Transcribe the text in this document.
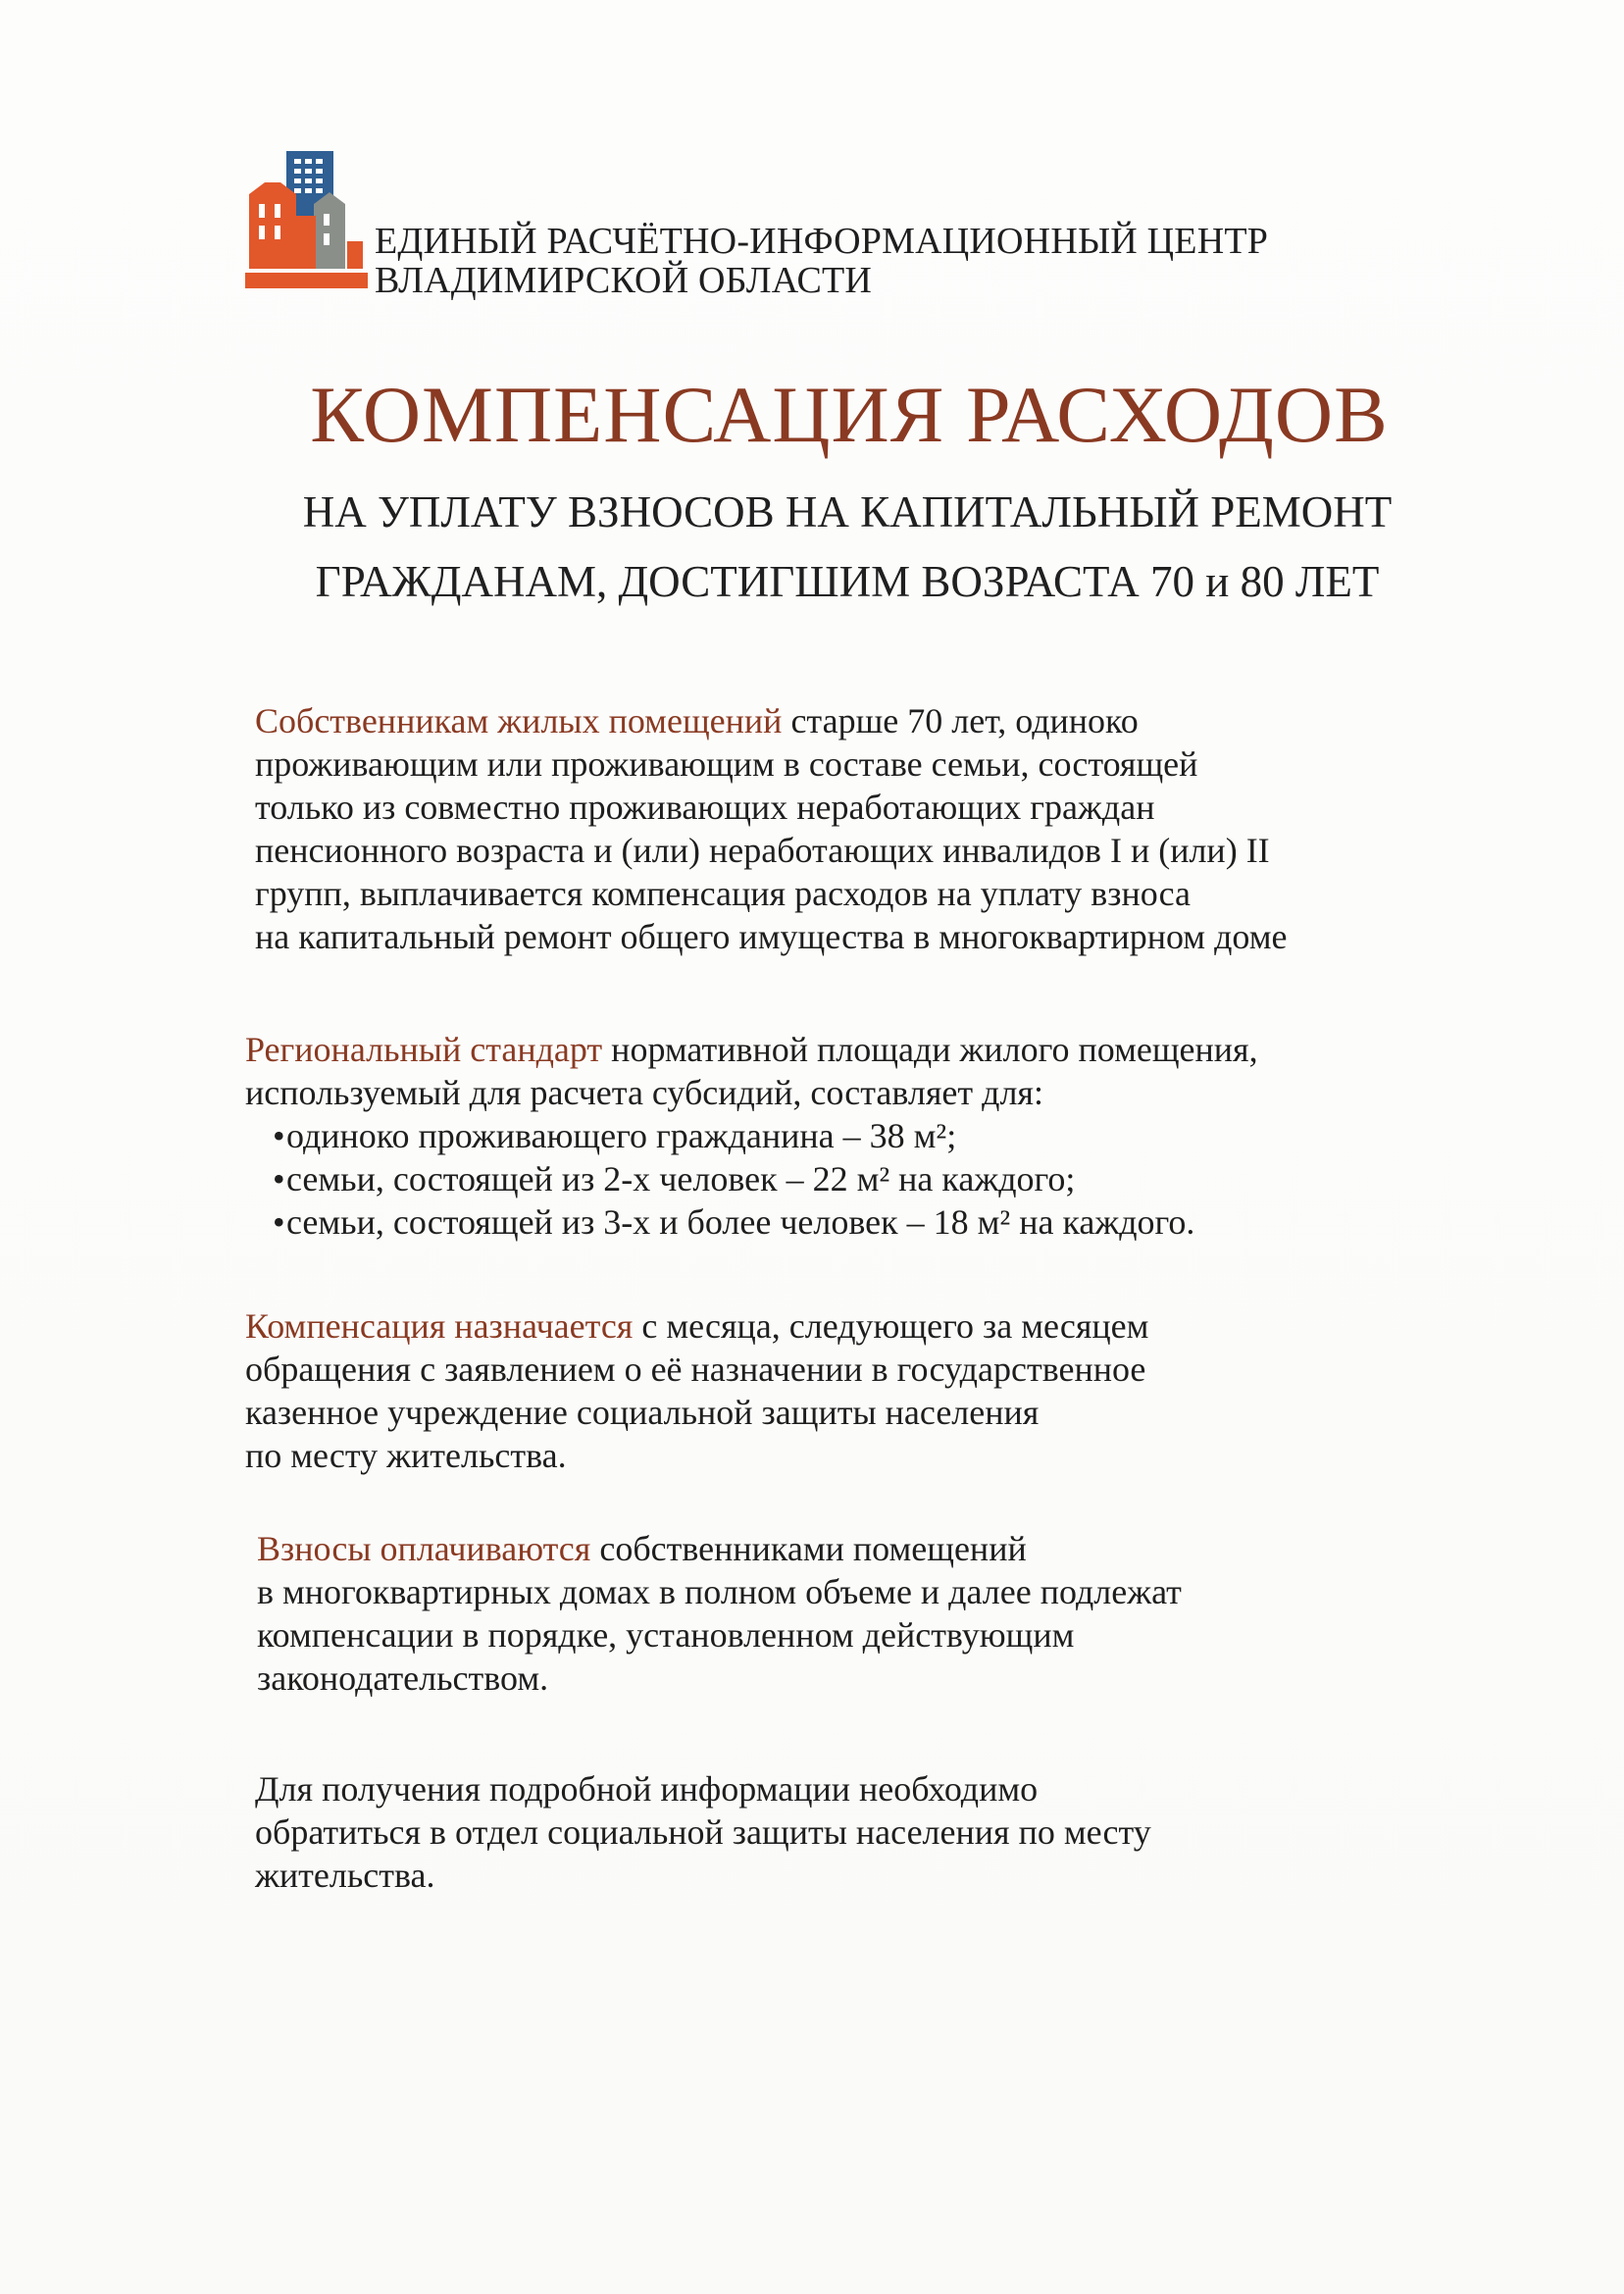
ЕДИНЫЙ РАСЧЁТНО-ИНФОРМАЦИОННЫЙ ЦЕНТР
ВЛАДИМИРСКОЙ ОБЛАСТИ
КОМПЕНСАЦИЯ РАСХОДОВ
НА УПЛАТУ ВЗНОСОВ НА КАПИТАЛЬНЫЙ РЕМОНТ
ГРАЖДАНАМ, ДОСТИГШИМ ВОЗРАСТА 70 и 80 ЛЕТ
Собственникам жилых помещений старше 70 лет, одиноко
проживающим или проживающим в составе семьи, состоящей
только из совместно проживающих неработающих граждан
пенсионного возраста и (или) неработающих инвалидов I и (или) II
групп, выплачивается компенсация расходов на уплату взноса
на капитальный ремонт общего имущества в многоквартирном доме
Региональный стандарт нормативной площади жилого помещения,
используемый для расчета субсидий, составляет для:
•одиноко проживающего гражданина – 38 м²;
•семьи, состоящей из 2-х человек – 22 м² на каждого;
•семьи, состоящей из 3-х и более человек – 18 м² на каждого.
Компенсация назначается с месяца, следующего за месяцем
обращения с заявлением о её назначении в государственное
казенное учреждение социальной защиты населения
по месту жительства.
Взносы оплачиваются собственниками помещений
в многоквартирных домах в полном объеме и далее подлежат
компенсации в порядке, установленном действующим
законодательством.
Для получения подробной информации необходимо
обратиться в отдел социальной защиты населения по месту
жительства.
